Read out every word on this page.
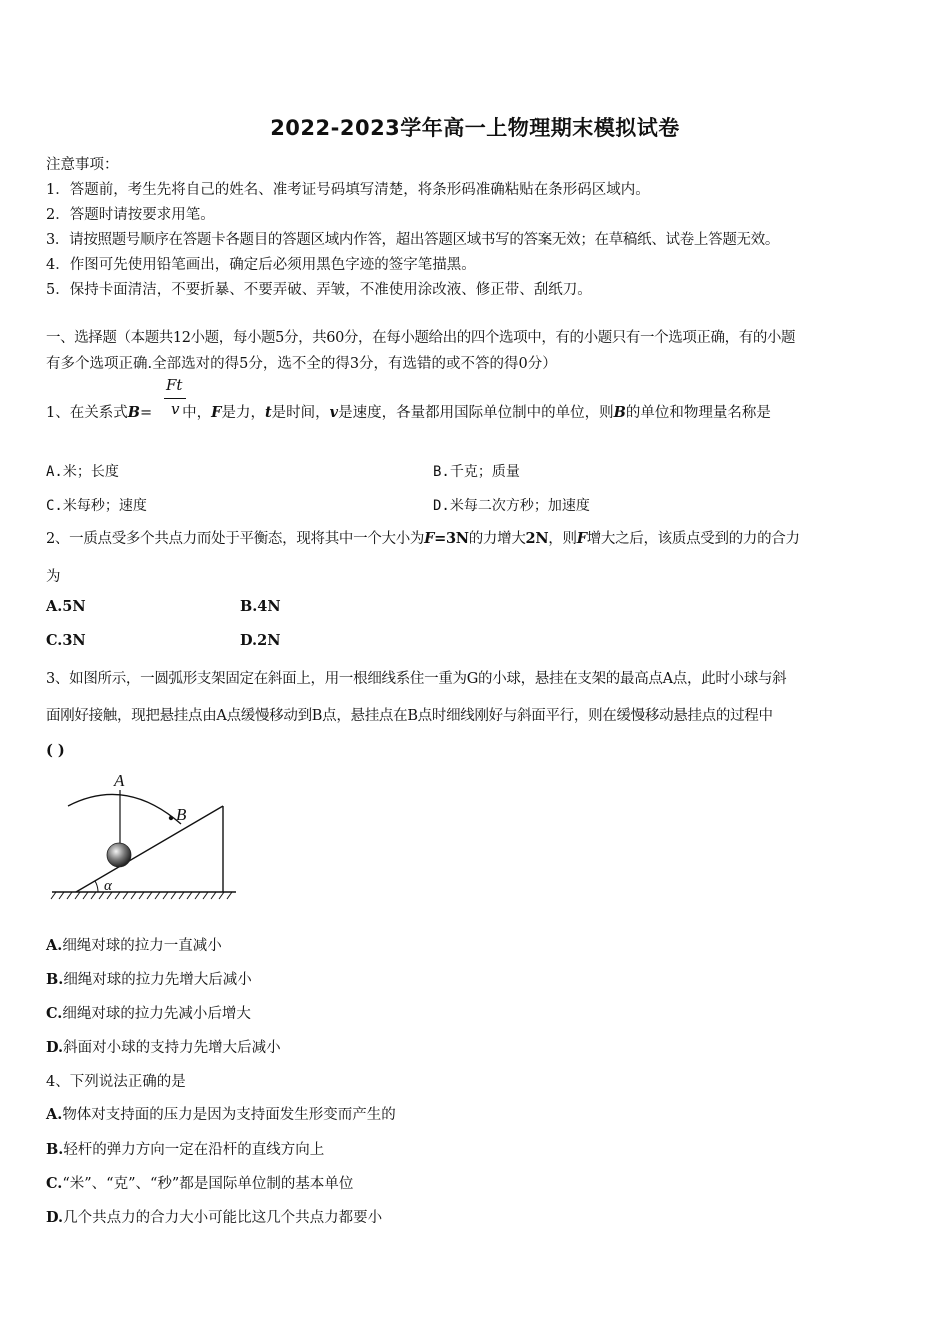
2022-2023学年高一上物理期末模拟试卷
注意事项：
1．答题前，考生先将自己的姓名、准考证号码填写清楚，将条形码准确粘贴在条形码区域内。
2．答题时请按要求用笔。
3．请按照题号顺序在答题卡各题目的答题区域内作答，超出答题区域书写的答案无效；在草稿纸、试卷上答题无效。
4．作图可先使用铅笔画出，确定后必须用黑色字迹的签字笔描黑。
5．保持卡面清洁，不要折暴、不要弄破、弄皱，不准使用涂改液、修正带、刮纸刀。
一、选择题（本题共12小题，每小题5分，共60分，在每小题给出的四个选项中，有的小题只有一个选项正确，有的小题
有多个选项正确.全部选对的得5分，选不全的得3分，有选错的或不答的得0分）
1、在关系式B= 中，F是力，t是时间，v是速度，各量都用国际单位制中的单位，则B的单位和物理量名称是
Ft
v
A.米；长度	B.千克；质量
C.米每秒；速度	D.米每二次方秒；加速度
2、一质点受多个共点力而处于平衡态，现将其中一个大小为F=3N的力增大2N，则F增大之后，该质点受到的力的合力
为
A.5N	B.4N
C.3N	D.2N
3、如图所示，一圆弧形支架固定在斜面上，用一根细线系住一重为G的小球，悬挂在支架的最高点A点，此时小球与斜
面刚好接触，现把悬挂点由A点缓慢移动到B点，悬挂点在B点时细线刚好与斜面平行，则在缓慢移动悬挂点的过程中
( )
A
B
α
A.细绳对球的拉力一直减小
B.细绳对球的拉力先增大后减小
C.细绳对球的拉力先减小后增大
D.斜面对小球的支持力先增大后减小
4、下列说法正确的是
A.物体对支持面的压力是因为支持面发生形变而产生的
B.轻杆的弹力方向一定在沿杆的直线方向上
C.“米”、“克”、“秒”都是国际单位制的基本单位
D.几个共点力的合力大小可能比这几个共点力都要小
